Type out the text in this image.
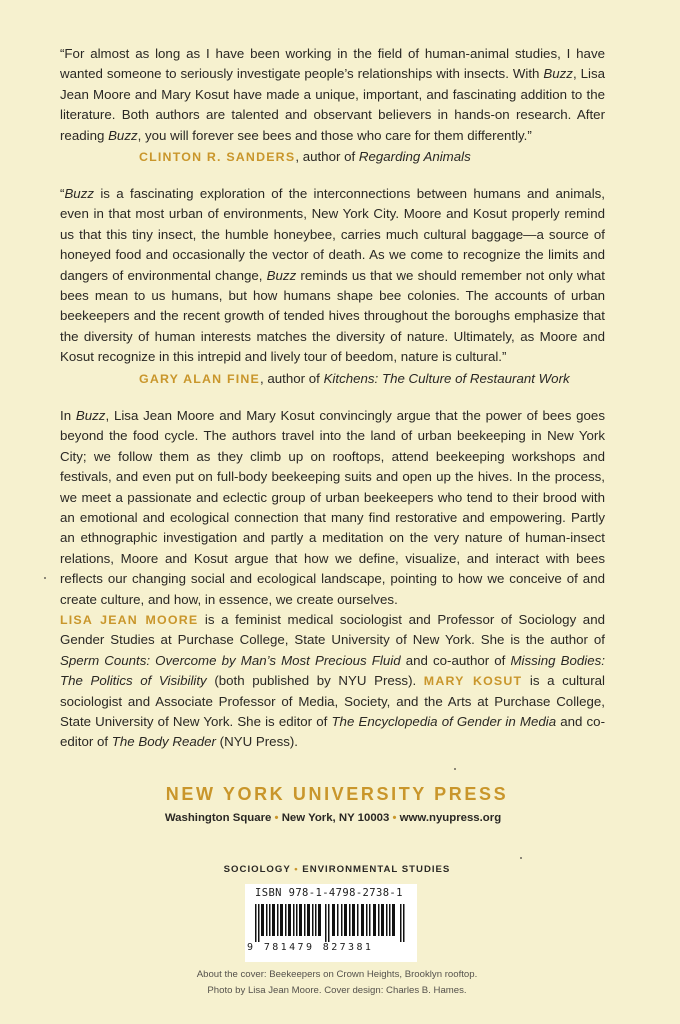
“For almost as long as I have been working in the field of human-animal studies, I have wanted someone to seriously investigate people’s relationships with insects. With Buzz, Lisa Jean Moore and Mary Kosut have made a unique, important, and fascinating addition to the literature. Both authors are talented and observant believers in hands-on research. After reading Buzz, you will forever see bees and those who care for them differently.”

CLINTON R. SANDERS, author of Regarding Animals

“Buzz is a fascinating exploration of the interconnections between humans and animals, even in that most urban of environments, New York City. Moore and Kosut properly remind us that this tiny insect, the humble honeybee, carries much cultural baggage—a source of honeyed food and occasionally the vector of death. As we come to recognize the limits and dangers of environmental change, Buzz reminds us that we should remember not only what bees mean to us humans, but how humans shape bee colonies. The accounts of urban beekeepers and the recent growth of tended hives throughout the boroughs emphasize that the diversity of human interests matches the diversity of nature. Ultimately, as Moore and Kosut recognize in this intrepid and lively tour of beedom, nature is cultural.”

GARY ALAN FINE, author of Kitchens: The Culture of Restaurant Work

In Buzz, Lisa Jean Moore and Mary Kosut convincingly argue that the power of bees goes beyond the food cycle. The authors travel into the land of urban beekeeping in New York City; we follow them as they climb up on rooftops, attend beekeeping workshops and festivals, and even put on full-body beekeeping suits and open up the hives. In the process, we meet a passionate and eclectic group of urban beekeepers who tend to their brood with an emotional and ecological connection that many find restorative and empowering. Partly an ethnographic investigation and partly a meditation on the very nature of human-insect relations, Moore and Kosut argue that how we define, visualize, and interact with bees reflects our changing social and ecological landscape, pointing to how we conceive of and create culture, and how, in essence, we create ourselves.

LISA JEAN MOORE is a feminist medical sociologist and Professor of Sociology and Gender Studies at Purchase College, State University of New York. She is the author of Sperm Counts: Overcome by Man’s Most Precious Fluid and co-author of Missing Bodies: The Politics of Visibility (both published by NYU Press). MARY KOSUT is a cultural sociologist and Associate Professor of Media, Society, and the Arts at Purchase College, State University of New York. She is editor of The Encyclopedia of Gender in Media and co-editor of The Body Reader (NYU Press).

NEW YORK UNIVERSITY PRESS
Washington Square • New York, NY 10003 • www.nyupress.org
SOCIOLOGY • ENVIRONMENTAL STUDIES
ISBN 978-1-4798-2738-1
9 781479 827381
About the cover: Beekeepers on Crown Heights, Brooklyn rooftop.
Photo by Lisa Jean Moore. Cover design: Charles B. Hames.
